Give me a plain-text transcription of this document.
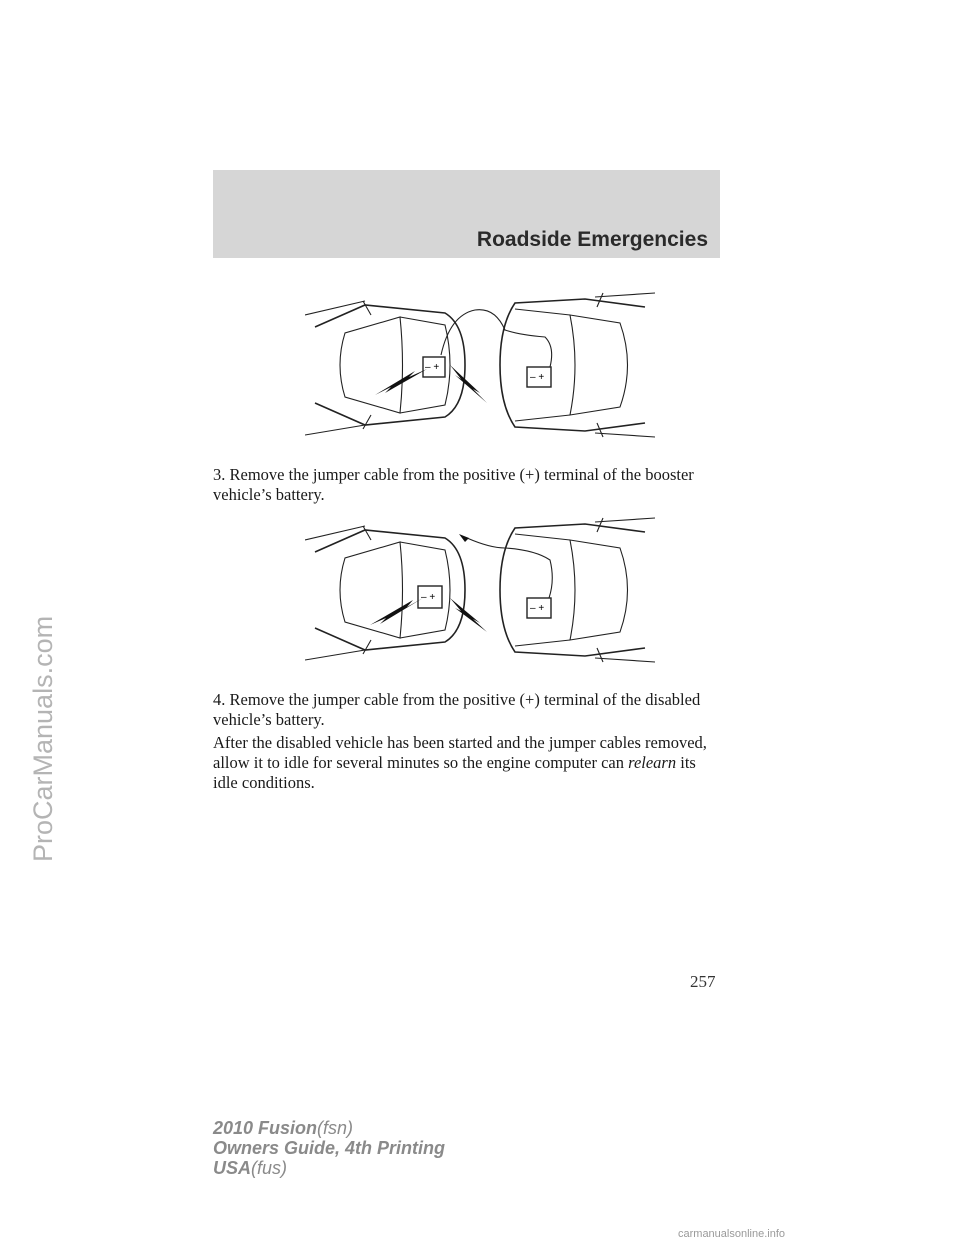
Roadside Emergencies
– +
– +

3. Remove the jumper cable from the positive (+) terminal of the booster vehicle’s battery.

– +
– +

4. Remove the jumper cable from the positive (+) terminal of the disabled vehicle’s battery.

After the disabled vehicle has been started and the jumper cables removed, allow it to idle for several minutes so the engine computer can relearn its idle conditions.

257
2010 Fusion(fsn)
Owners Guide, 4th Printing
USA(fus)
ProCarManuals.com
carmanualsonline.info
